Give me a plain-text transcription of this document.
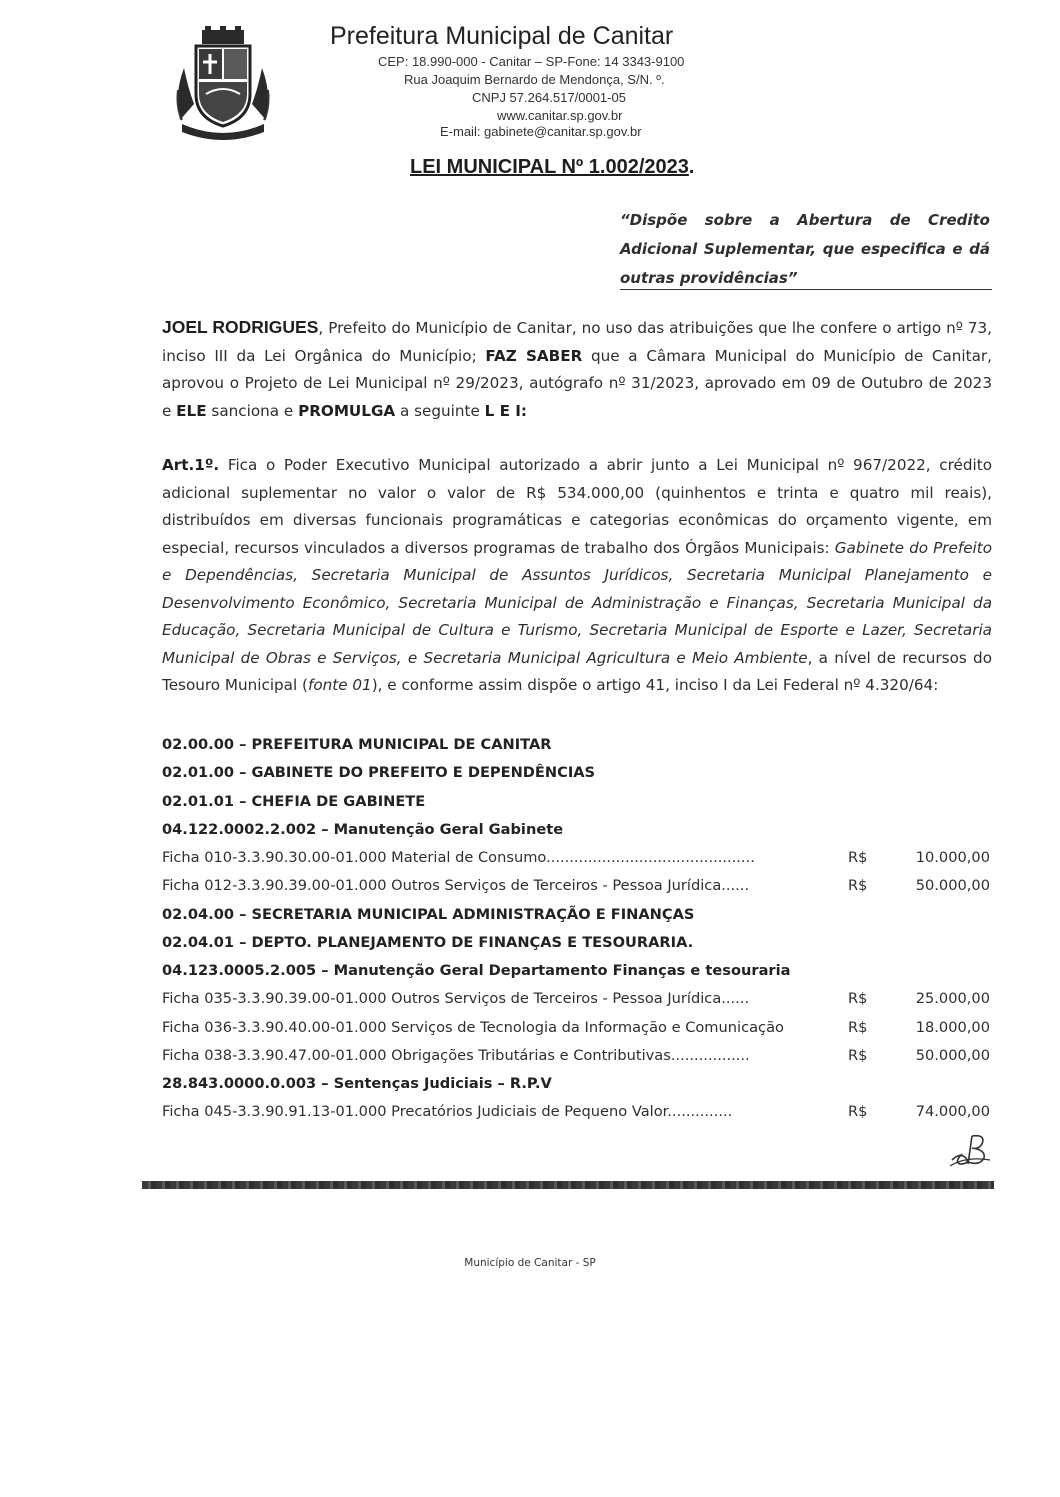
Prefeitura Municipal de Canitar
CEP: 18.990-000 - Canitar – SP-Fone: 14 3343-9100
Rua Joaquim Bernardo de Mendonça, S/N. º.
CNPJ 57.264.517/0001-05
www.canitar.sp.gov.br
E-mail: gabinete@canitar.sp.gov.br
LEI MUNICIPAL Nº 1.002/2023.
“Dispõe sobre a Abertura de Credito Adicional Suplementar, que especifica e dá outras providências”
JOEL RODRIGUES, Prefeito do Município de Canitar, no uso das atribuições que lhe confere o artigo nº 73, inciso III da Lei Orgânica do Município; FAZ SABER que a Câmara Municipal do Município de Canitar, aprovou o Projeto de Lei Municipal nº 29/2023, autógrafo nº 31/2023, aprovado em 09 de Outubro de 2023 e ELE sanciona e PROMULGA a seguinte L E I:
Art.1º. Fica o Poder Executivo Municipal autorizado a abrir junto a Lei Municipal nº 967/2022, crédito adicional suplementar no valor o valor de R$ 534.000,00 (quinhentos e trinta e quatro mil reais), distribuídos em diversas funcionais programáticas e categorias econômicas do orçamento vigente, em especial, recursos vinculados a diversos programas de trabalho dos Órgãos Municipais: Gabinete do Prefeito e Dependências, Secretaria Municipal de Assuntos Jurídicos, Secretaria Municipal Planejamento e Desenvolvimento Econômico, Secretaria Municipal de Administração e Finanças, Secretaria Municipal da Educação, Secretaria Municipal de Cultura e Turismo, Secretaria Municipal de Esporte e Lazer, Secretaria Municipal de Obras e Serviços, e Secretaria Municipal Agricultura e Meio Ambiente, a nível de recursos do Tesouro Municipal (fonte 01), e conforme assim dispõe o artigo 41, inciso I da Lei Federal nº 4.320/64:
02.00.00 – PREFEITURA MUNICIPAL DE CANITAR
02.01.00 – GABINETE DO PREFEITO E DEPENDÊNCIAS
02.01.01 – CHEFIA DE GABINETE
04.122.0002.2.002 – Manutenção Geral Gabinete
Ficha 010-3.3.90.30.00-01.000 Material de Consumo.............................................	R$	10.000,00
Ficha 012-3.3.90.39.00-01.000 Outros Serviços de Terceiros - Pessoa Jurídica......	R$	50.000,00
02.04.00 – SECRETARIA MUNICIPAL ADMINISTRAÇÃO E FINANÇAS
02.04.01 – DEPTO. PLANEJAMENTO DE FINANÇAS E TESOURARIA.
04.123.0005.2.005 – Manutenção Geral Departamento Finanças e tesouraria
Ficha 035-3.3.90.39.00-01.000 Outros Serviços de Terceiros - Pessoa Jurídica......	R$	25.000,00
Ficha 036-3.3.90.40.00-01.000 Serviços de Tecnologia da Informação e Comunicação	R$	18.000,00
Ficha 038-3.3.90.47.00-01.000 Obrigações Tributárias e Contributivas.................	R$	50.000,00
28.843.0000.0.003 – Sentenças Judiciais – R.P.V
Ficha 045-3.3.90.91.13-01.000 Precatórios Judiciais de Pequeno Valor..............	R$	74.000,00
Município de Canitar - SP
